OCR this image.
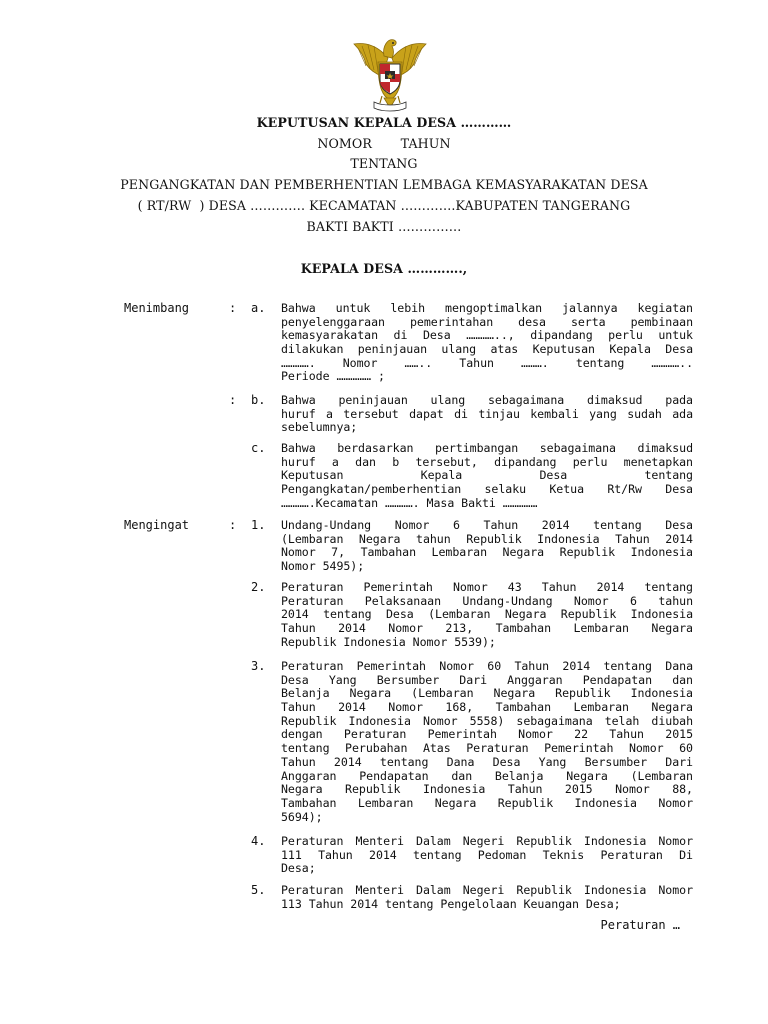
KEPUTUSAN KEPALA DESA …………
NOMOR       TAHUN
TENTANG
PENGANGKATAN DAN PEMBERHENTIAN LEMBAGA KEMASYARAKATAN DESA
( RT/RW  ) DESA …………. KECAMATAN ………….KABUPATEN TANGERANG
BAKTI BAKTI ……………
KEPALA DESA ………….,
Menimbang	:
Mengingat	:
Peraturan …
a. Bahwa untuk lebih mengoptimalkan jalannya kegiatan
penyelenggaraan pemerintahan desa serta pembinaan
kemasyarakatan di Desa ………….., dipandang perlu untuk
dilakukan peninjauan ulang atas Keputusan Kepala Desa
…………. Nomor …….. Tahun ………. tentang …………..
Periode …………… ;
: b. Bahwa peninjauan ulang sebagaimana dimaksud pada
huruf a tersebut dapat di tinjau kembali yang sudah ada
sebelumnya;
c. Bahwa berdasarkan pertimbangan sebagaimana dimaksud
huruf a dan b tersebut, dipandang perlu menetapkan
Keputusan Kepala Desa tentang
Pengangkatan/pemberhentian selaku Ketua Rt/Rw Desa
………….Kecamatan …………. Masa Bakti ……………
1. Undang-Undang Nomor 6 Tahun 2014 tentang Desa
(Lembaran Negara tahun Republik Indonesia Tahun 2014
Nomor 7, Tambahan Lembaran Negara Republik Indonesia
Nomor 5495);
2. Peraturan Pemerintah Nomor 43 Tahun 2014 tentang
Peraturan Pelaksanaan Undang-Undang Nomor 6 tahun
2014 tentang Desa (Lembaran Negara Republik Indonesia
Tahun 2014 Nomor 213, Tambahan Lembaran Negara
Republik Indonesia Nomor 5539);
3. Peraturan Pemerintah Nomor 60 Tahun 2014 tentang Dana
Desa Yang Bersumber Dari Anggaran Pendapatan dan
Belanja Negara (Lembaran Negara Republik Indonesia
Tahun 2014 Nomor 168, Tambahan Lembaran Negara
Republik Indonesia Nomor 5558) sebagaimana telah diubah
dengan Peraturan Pemerintah Nomor 22 Tahun 2015
tentang Perubahan Atas Peraturan Pemerintah Nomor 60
Tahun 2014 tentang Dana Desa Yang Bersumber Dari
Anggaran Pendapatan dan Belanja Negara (Lembaran
Negara Republik Indonesia Tahun 2015 Nomor 88,
Tambahan Lembaran Negara Republik Indonesia Nomor
5694);
4. Peraturan Menteri Dalam Negeri Republik Indonesia Nomor
111 Tahun 2014 tentang Pedoman Teknis Peraturan Di
Desa;
5. Peraturan Menteri Dalam Negeri Republik Indonesia Nomor
113 Tahun 2014 tentang Pengelolaan Keuangan Desa;
